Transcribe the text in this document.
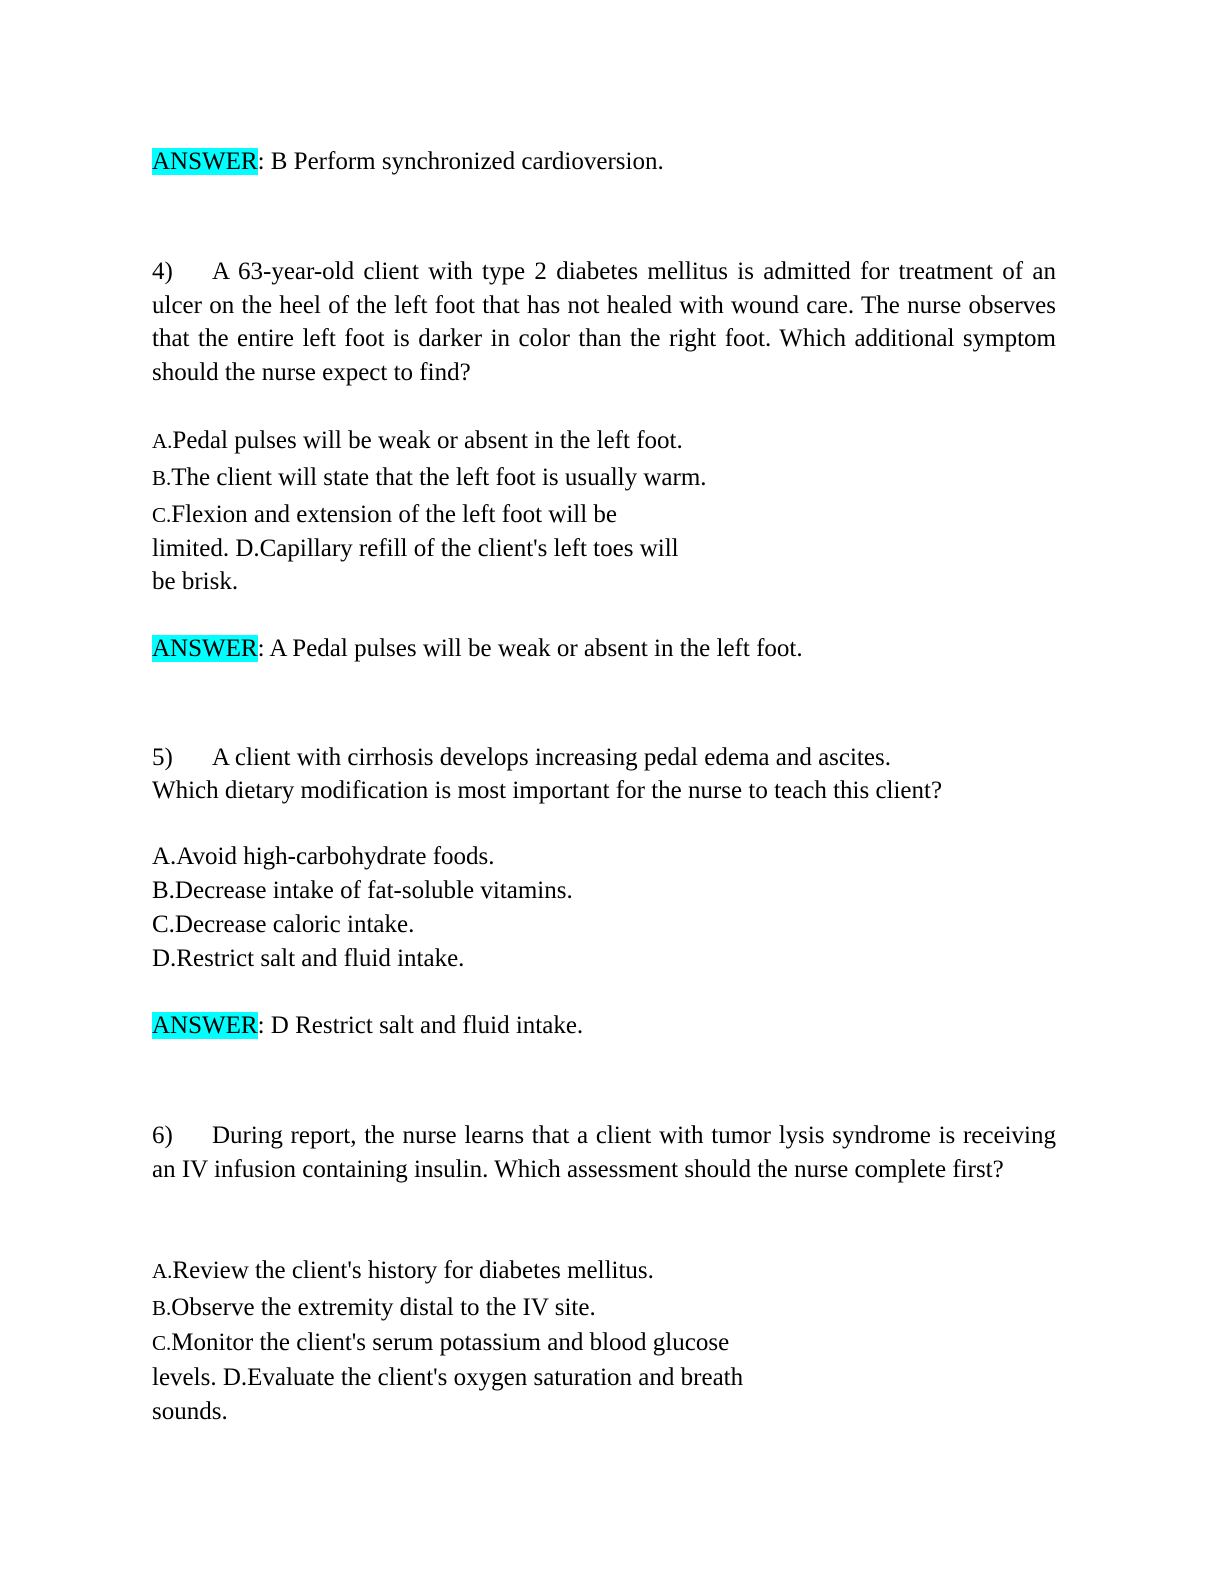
ANSWER: B Perform synchronized cardioversion.
4) A 63-year-old client with type 2 diabetes mellitus is admitted for treatment of an ulcer on the heel of the left foot that has not healed with wound care. The nurse observes that the entire left foot is darker in color than the right foot. Which additional symptom should the nurse expect to find?
A.Pedal pulses will be weak or absent in the left foot.
B.The client will state that the left foot is usually warm.
C.Flexion and extension of the left foot will be
limited. D.Capillary refill of the client's left toes will
be brisk.
ANSWER: A Pedal pulses will be weak or absent in the left foot.
5) A client with cirrhosis develops increasing pedal edema and ascites.
Which dietary modification is most important for the nurse to teach this client?
A.Avoid high-carbohydrate foods.
B.Decrease intake of fat-soluble vitamins.
C.Decrease caloric intake.
D.Restrict salt and fluid intake.
ANSWER: D Restrict salt and fluid intake.
6) During report, the nurse learns that a client with tumor lysis syndrome is receiving an IV infusion containing insulin. Which assessment should the nurse complete first?
A.Review the client's history for diabetes mellitus.
B.Observe the extremity distal to the IV site.
C.Monitor the client's serum potassium and blood glucose
levels. D.Evaluate the client's oxygen saturation and breath
sounds.
